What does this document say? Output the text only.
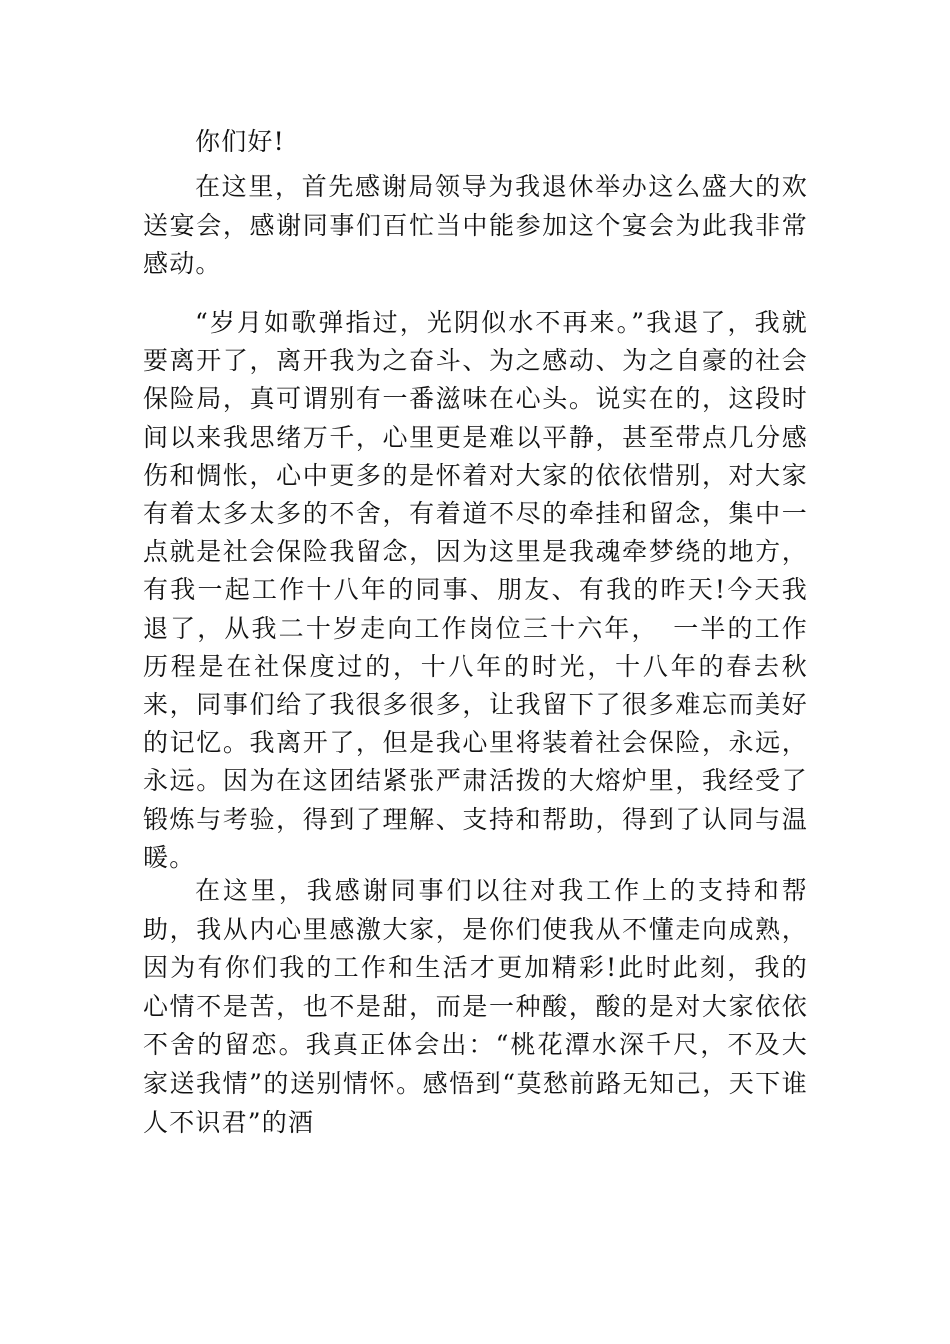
你们好!

在这里，首先感谢局领导为我退休举办这么盛大的欢送宴会，感谢同事们百忙当中能参加这个宴会为此我非常感动。

“岁月如歌弹指过，光阴似水不再来。”我退了，我就要离开了，离开我为之奋斗、为之感动、为之自豪的社会保险局，真可谓别有一番滋味在心头。说实在的，这段时间以来我思绪万千，心里更是难以平静，甚至带点几分感伤和惆怅，心中更多的是怀着对大家的依依惜别，对大家有着太多太多的不舍，有着道不尽的牵挂和留念，集中一点就是社会保险我留念，因为这里是我魂牵梦绕的地方，有我一起工作十八年的同事、朋友、有我的昨天!今天我退了，从我二十岁走向工作岗位三十六年，　一半的工作历程是在社保度过的，十八年的时光，十八年的春去秋来，同事们给了我很多很多，让我留下了很多难忘而美好的记忆。我离开了，但是我心里将装着社会保险，永远，永远。因为在这团结紧张严肃活拨的大熔炉里，我经受了锻炼与考验，得到了理解、支持和帮助，得到了认同与温暖。

在这里，我感谢同事们以往对我工作上的支持和帮助，我从内心里感激大家，是你们使我从不懂走向成熟，因为有你们我的工作和生活才更加精彩!此时此刻，我的心情不是苦，也不是甜，而是一种酸，酸的是对大家依依不舍的留恋。我真正体会出：“桃花潭水深千尺，不及大家送我情”的送别情怀。感悟到“莫愁前路无知己，天下谁人不识君”的酒
